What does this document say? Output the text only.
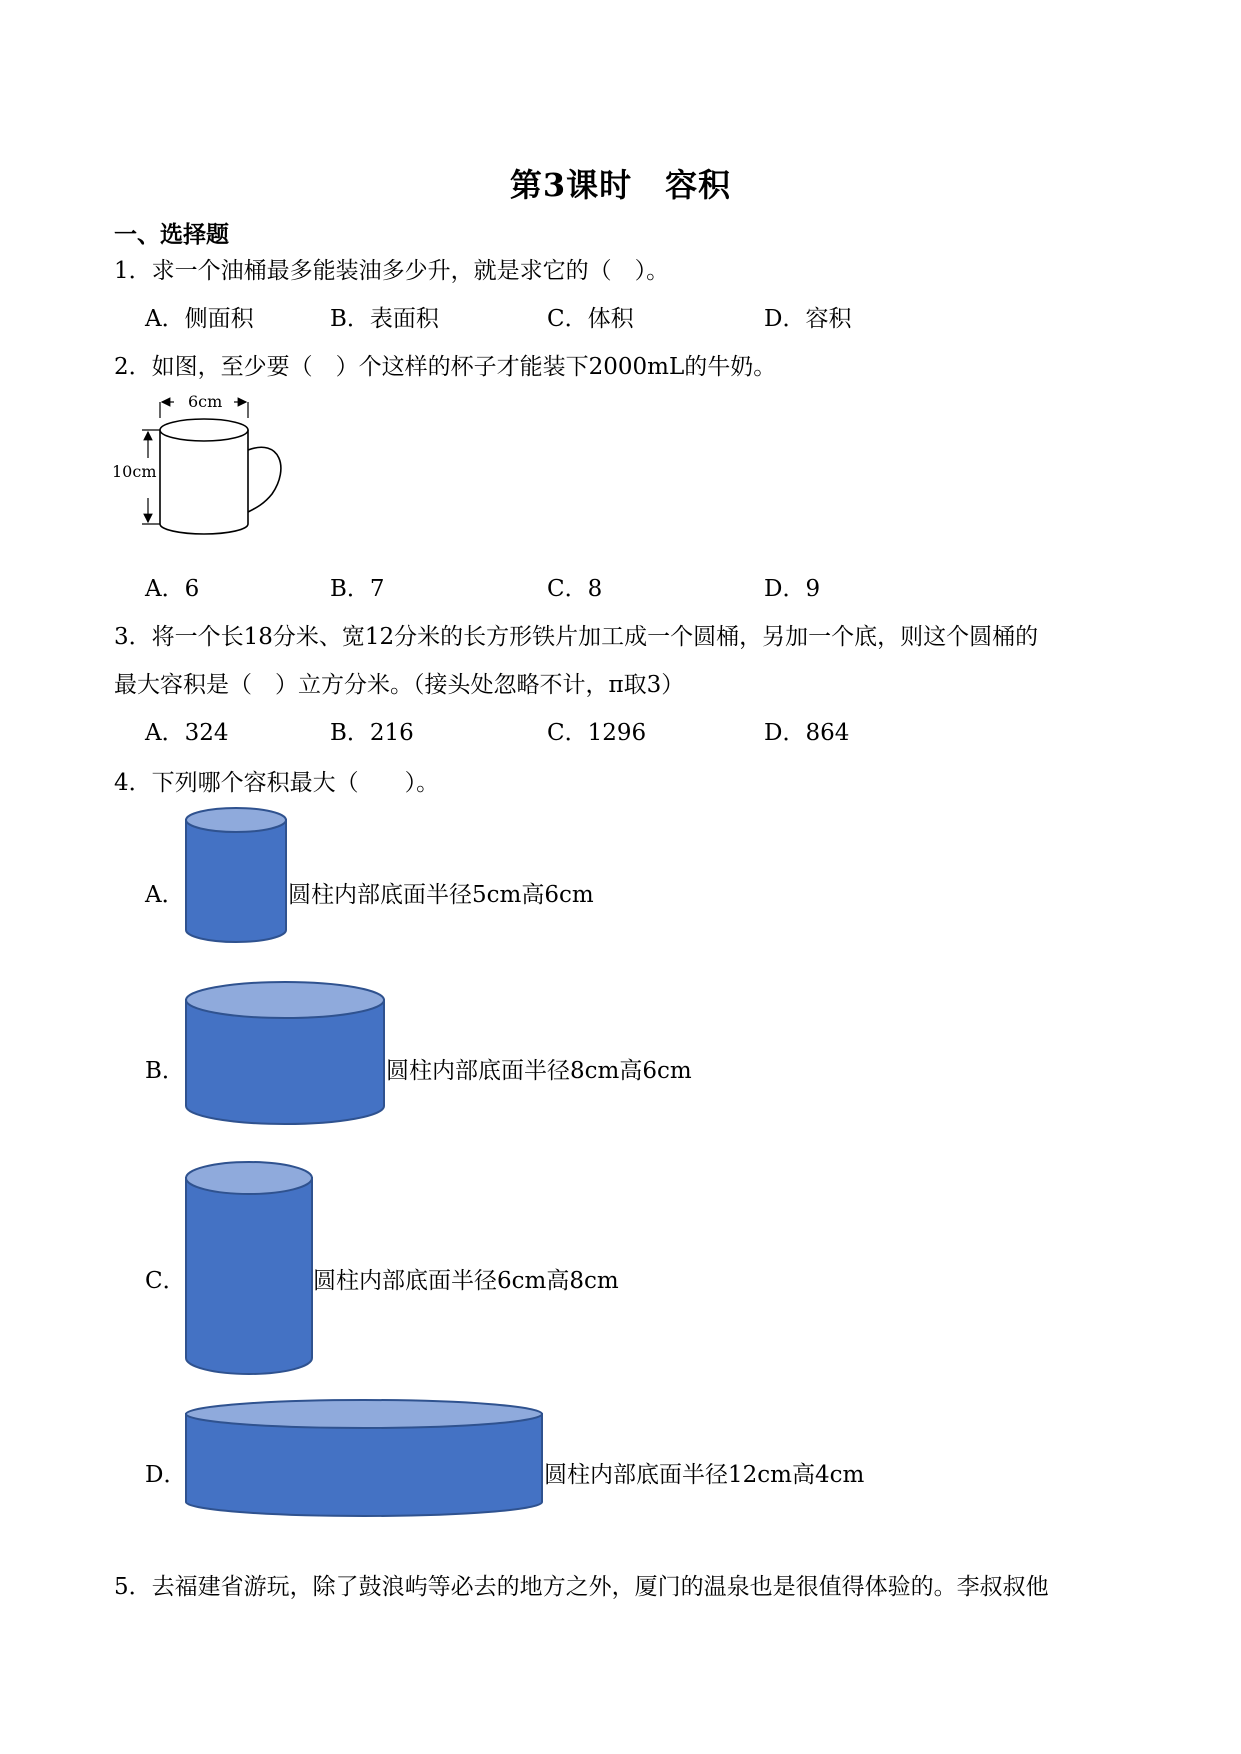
第3课时　容积
一、选择题
1．求一个油桶最多能装油多少升，就是求它的（　）。
A．侧面积	B．表面积	C．体积	D．容积
2．如图，至少要（　）个这样的杯子才能装下2000mL的牛奶。
6cm
10cm
A．6	B．7	C．8	D．9
3．将一个长18分米、宽12分米的长方形铁片加工成一个圆桶，另加一个底，则这个圆桶的
最大容积是（　）立方分米。（接头处忽略不计，π取3）
A．324	B．216	C．1296	D．864
4．下列哪个容积最大（　　）。
A．	圆柱内部底面半径5cm高6cm
B．	圆柱内部底面半径8cm高6cm
C．	圆柱内部底面半径6cm高8cm
D．	圆柱内部底面半径12cm高4cm
5．去福建省游玩，除了鼓浪屿等必去的地方之外，厦门的温泉也是很值得体验的。李叔叔他
